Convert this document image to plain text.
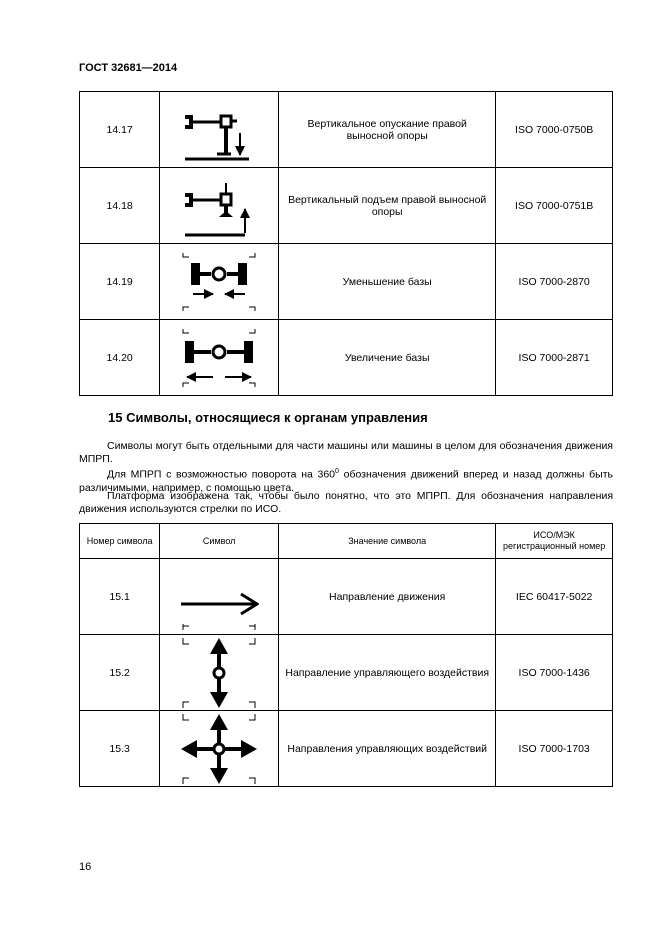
ГОСТ 32681—2014
14.17		Вертикальное опускание правой выносной опоры	ISO 7000-0750B
14.18		Вертикальный подъем правой выносной опоры	ISO 7000-0751B
14.19		Уменьшение базы	ISO 7000-2870
14.20		Увеличение базы	ISO 7000-2871
15 Символы, относящиеся к органам управления

Символы могут быть отдельными для части машины или машины в целом для обозначения движения МПРП.

Для МПРП с возможностью поворота на $360^0$ обозначения движений вперед и назад должны быть различимыми, например, с помощью цвета.

Платформа изображена так, чтобы было понятно, что это МПРП. Для обозначения направления движения используются стрелки по ИСО.

Номер символа	Символ	Значение символа	ИСО/МЭК регистрационный номер
15.1		Направление движения	IEC 60417-5022
15.2		Направление управляющего воздействия	ISO 7000-1436
15.3		Направления управляющих воздействий	ISO 7000-1703
16
